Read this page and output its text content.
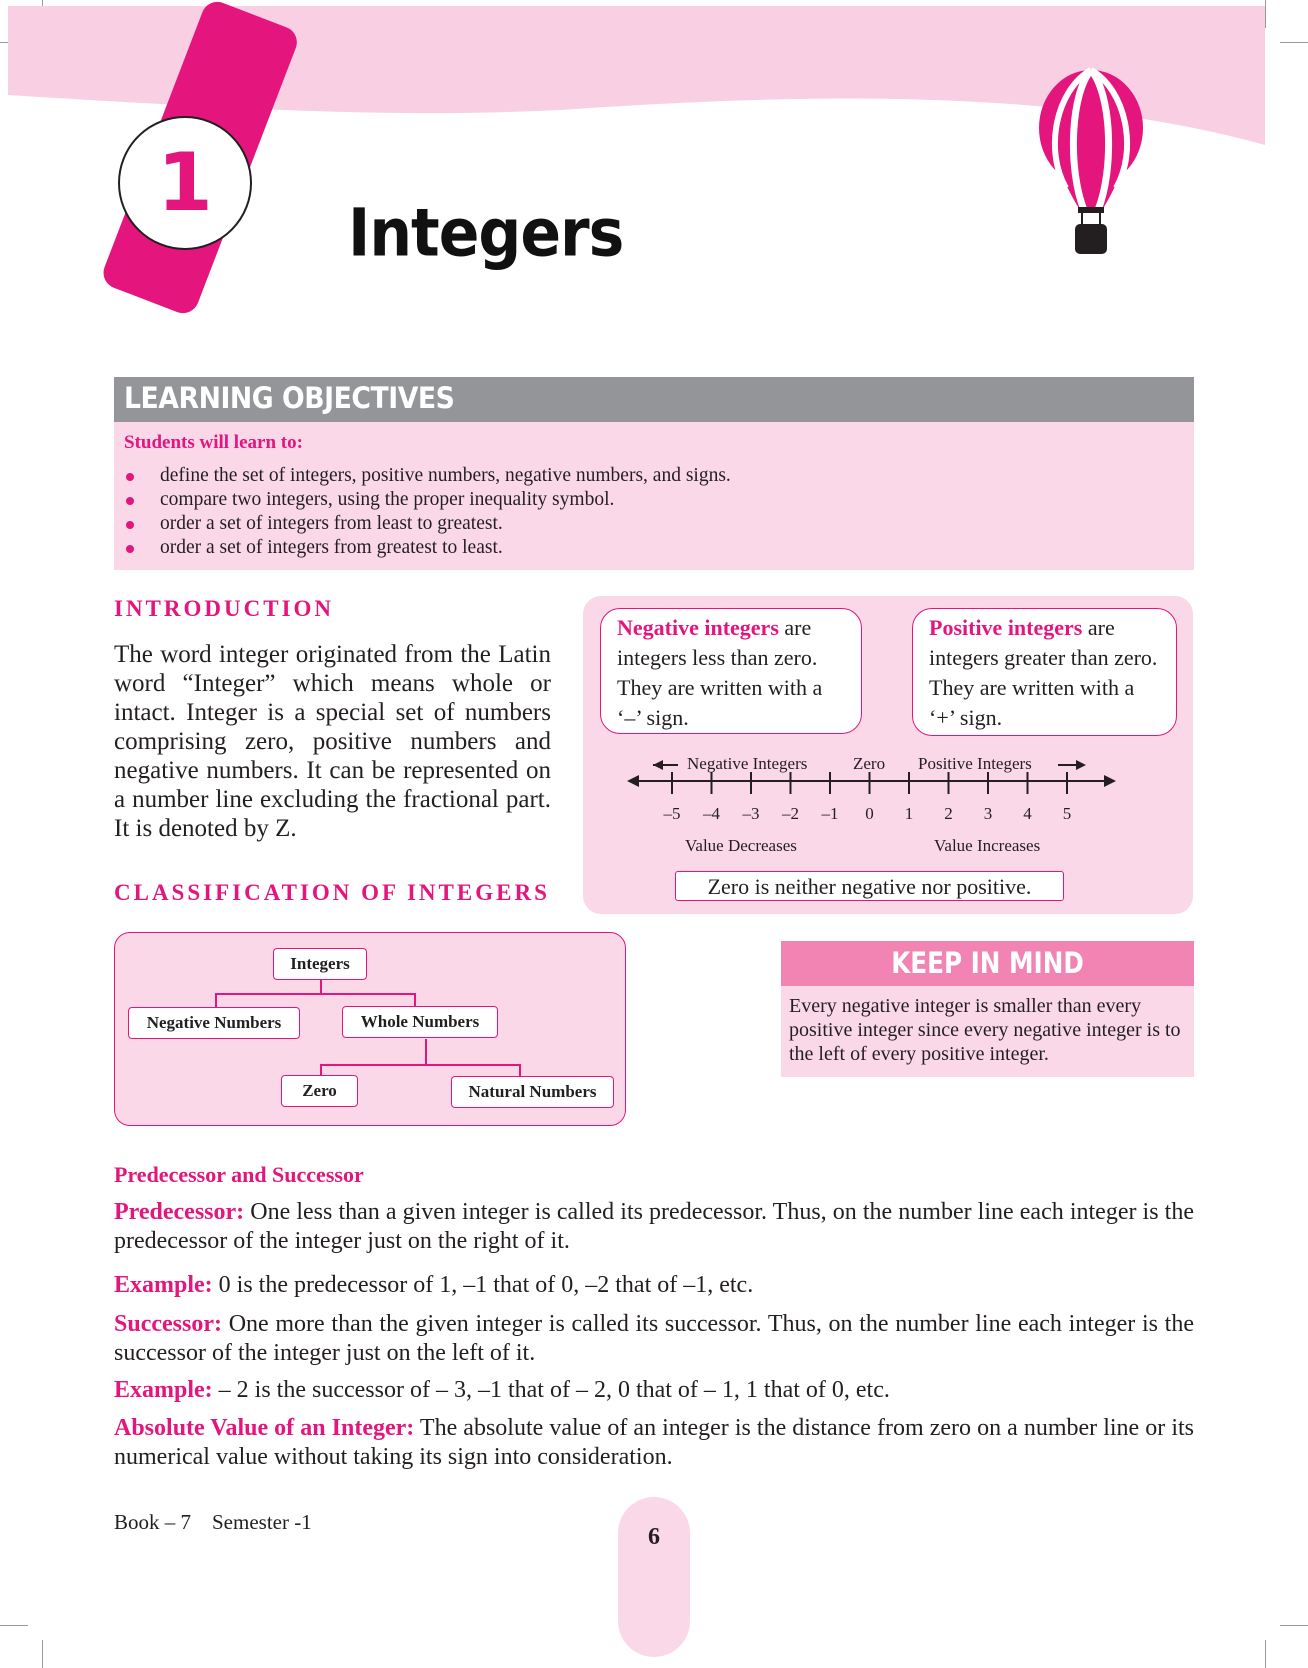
1
Integers
LEARNING OBJECTIVES
Students will learn to:
define the set of integers, positive numbers, negative numbers, and signs.
compare two integers, using the proper inequality symbol.
order a set of integers from least to greatest.
order a set of integers from greatest to least.
INTRODUCTION
The word integer originated from the Latin word “Integer” which means whole or intact. Integer is a special set of numbers comprising zero, positive numbers and negative numbers. It can be represented on a number line excluding the fractional part. It is denoted by Z.
Negative integers are integers less than zero. They are written with a ‘–’ sign.
Positive integers are integers greater than zero. They are written with a ‘+’ sign.
Negative Integers	Zero Positive Integers
–5	–4	–3	–2	–1	0	1	2	3	4	5
Value Decreases	Value Increases
Zero is neither negative nor positive.
CLASSIFICATION OF INTEGERS
Integers
Negative Numbers	Whole Numbers
Zero	Natural Numbers
KEEP IN MIND
Every negative integer is smaller than every positive integer since every negative integer is to the left of every positive integer.
Predecessor and Successor
Predecessor: One less than a given integer is called its predecessor. Thus, on the number line each integer is the predecessor of the integer just on the right of it.
Example: 0 is the predecessor of 1, –1 that of 0, –2 that of –1, etc.
Successor: One more than the given integer is called its successor. Thus, on the number line each integer is the successor of the integer just on the left of it.
Example: – 2 is the successor of – 3, –1 that of – 2, 0 that of – 1, 1 that of 0, etc.
Absolute Value of an Integer: The absolute value of an integer is the distance from zero on a number line or its numerical value without taking its sign into consideration.
Book – 7    Semester -1
6
